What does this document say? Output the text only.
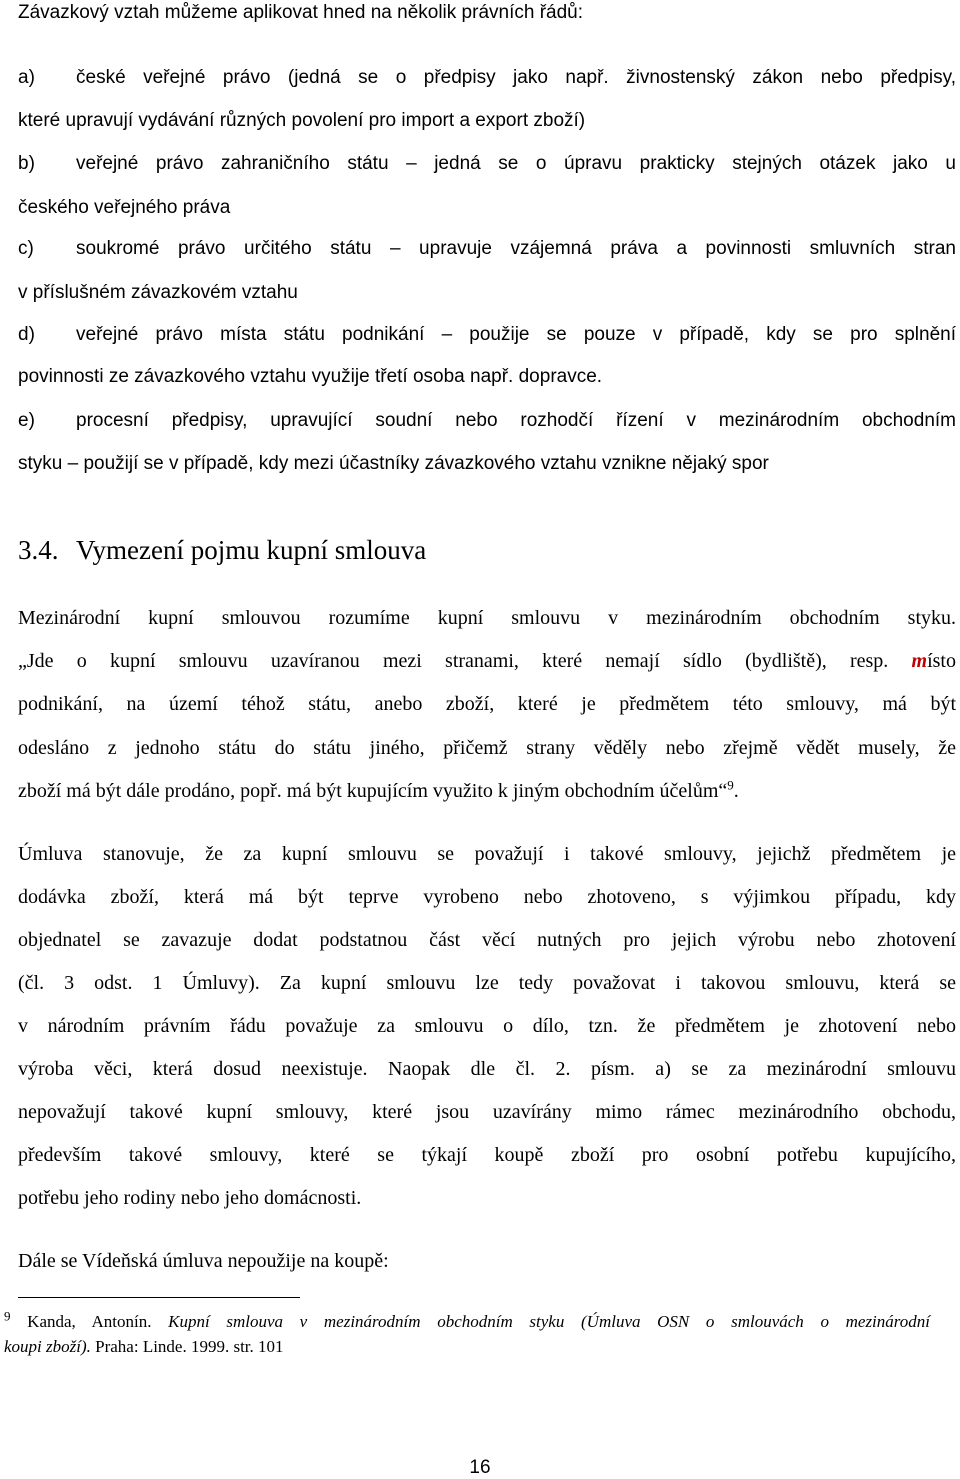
Závazkový vztah můžeme aplikovat hned na několik právních řádů:
a)	české veřejné právo (jedná se o předpisy jako např. živnostenský zákon nebo předpisy,
které upravují vydávání různých povolení pro import a export zboží)
b)	veřejné právo zahraničního státu – jedná se o úpravu prakticky stejných otázek jako u
českého veřejného práva
c)	soukromé právo určitého státu – upravuje vzájemná práva a povinnosti smluvních stran
v příslušném závazkovém vztahu
d)	veřejné právo místa státu podnikání – použije se pouze v případě, kdy se pro splnění
povinnosti ze závazkového vztahu využije třetí osoba např. dopravce.
e)	procesní předpisy, upravující soudní nebo rozhodčí řízení v mezinárodním obchodním
styku – použijí se v případě, kdy mezi účastníky závazkového vztahu vznikne nějaký spor
3.4. Vymezení pojmu kupní smlouva
Mezinárodní kupní smlouvou rozumíme kupní smlouvu v mezinárodním obchodním styku.
„Jde o kupní smlouvu uzavíranou mezi stranami, které nemají sídlo (bydliště), resp. místo
podnikání, na území téhož státu, anebo zboží, které je předmětem této smlouvy, má být
odesláno z jednoho státu do státu jiného, přičemž strany věděly nebo zřejmě vědět musely, že
zboží má být dále prodáno, popř. má být kupujícím využito k jiným obchodním účelům“$^9$.
Úmluva stanovuje, že za kupní smlouvu se považují i takové smlouvy, jejichž předmětem je
dodávka zboží, která má být teprve vyrobeno nebo zhotoveno, s výjimkou případu, kdy
objednatel se zavazuje dodat podstatnou část věcí nutných pro jejich výrobu nebo zhotovení
(čl. 3 odst. 1 Úmluvy). Za kupní smlouvu lze tedy považovat i takovou smlouvu, která se
v národním právním řádu považuje za smlouvu o dílo, tzn. že předmětem je zhotovení nebo
výroba věci, která dosud neexistuje. Naopak dle čl. 2. písm. a) se za mezinárodní smlouvu
nepovažují takové kupní smlouvy, které jsou uzavírány mimo rámec mezinárodního obchodu,
především takové smlouvy, které se týkají koupě zboží pro osobní potřebu kupujícího,
potřebu jeho rodiny nebo jeho domácnosti.
Dále se Vídeňská úmluva nepoužije na koupě:
$^9$ Kanda, Antonín. Kupní smlouva v mezinárodním obchodním styku (Úmluva OSN o smlouvách o mezinárodní
koupi zboží). Praha: Linde. 1999. str. 101
16
